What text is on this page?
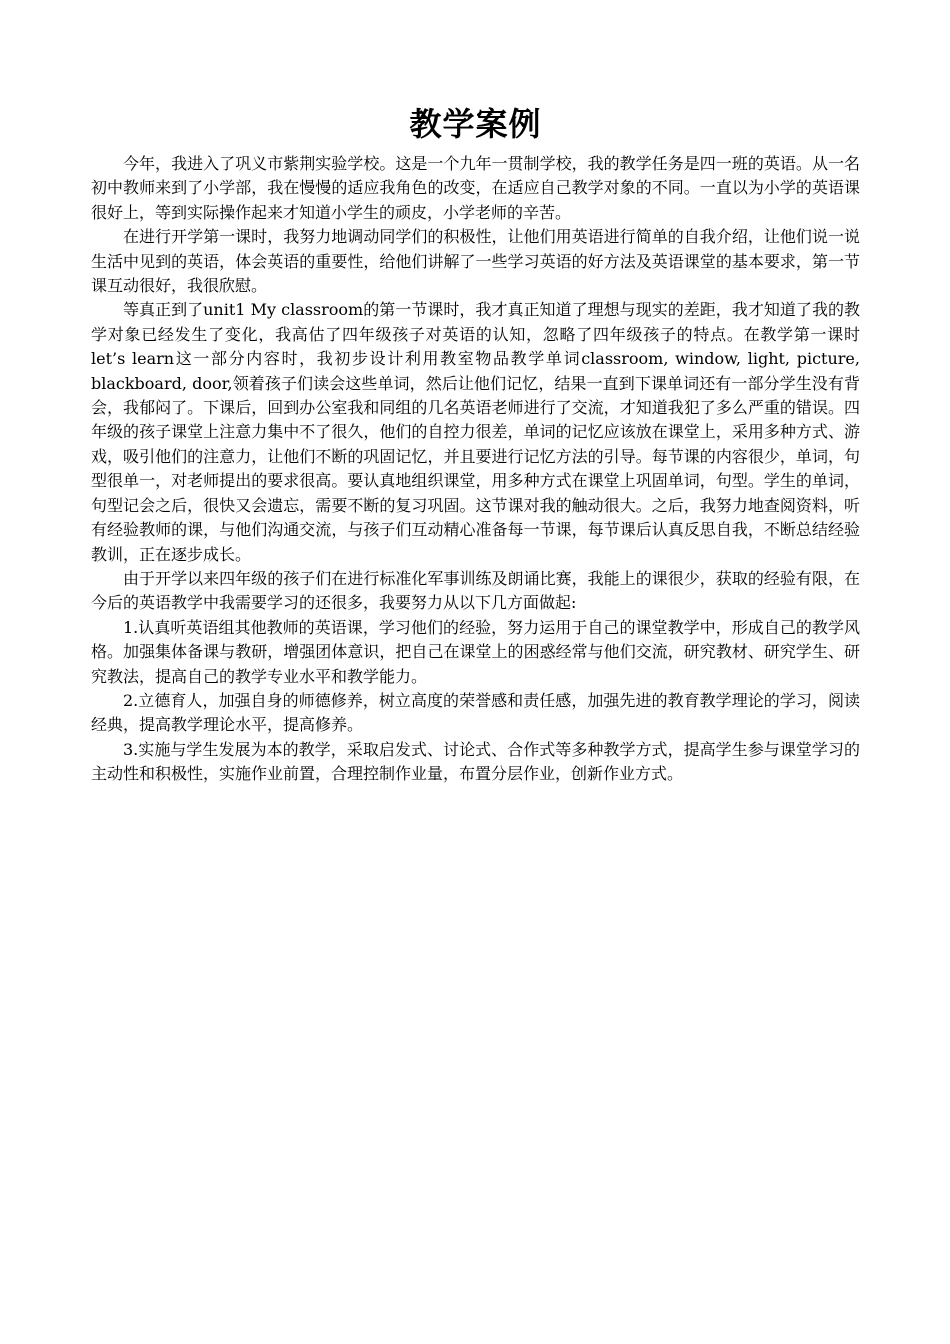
教学案例

今年，我进入了巩义市紫荆实验学校。这是一个九年一贯制学校，我的教学任务是四一班的英语。从一名初中教师来到了小学部，我在慢慢的适应我角色的改变，在适应自己教学对象的不同。一直以为小学的英语课很好上，等到实际操作起来才知道小学生的顽皮，小学老师的辛苦。

在进行开学第一课时，我努力地调动同学们的积极性，让他们用英语进行简单的自我介绍，让他们说一说生活中见到的英语，体会英语的重要性，给他们讲解了一些学习英语的好方法及英语课堂的基本要求，第一节课互动很好，我很欣慰。

等真正到了unit1 My classroom的第一节课时，我才真正知道了理想与现实的差距，我才知道了我的教学对象已经发生了变化，我高估了四年级孩子对英语的认知，忽略了四年级孩子的特点。在教学第一课时 let’s learn这一部分内容时，我初步设计利用教室物品教学单词classroom, window, light, picture, blackboard, door,领着孩子们读会这些单词，然后让他们记忆，结果一直到下课单词还有一部分学生没有背会，我郁闷了。下课后，回到办公室我和同组的几名英语老师进行了交流，才知道我犯了多么严重的错误。四年级的孩子课堂上注意力集中不了很久，他们的自控力很差，单词的记忆应该放在课堂上，采用多种方式、游戏，吸引他们的注意力，让他们不断的巩固记忆，并且要进行记忆方法的引导。每节课的内容很少，单词，句型很单一，对老师提出的要求很高。要认真地组织课堂，用多种方式在课堂上巩固单词，句型。学生的单词，句型记会之后，很快又会遗忘，需要不断的复习巩固。这节课对我的触动很大。之后，我努力地查阅资料，听有经验教师的课，与他们沟通交流，与孩子们互动精心准备每一节课，每节课后认真反思自我，不断总结经验教训，正在逐步成长。

由于开学以来四年级的孩子们在进行标准化军事训练及朗诵比赛，我能上的课很少，获取的经验有限，在今后的英语教学中我需要学习的还很多，我要努力从以下几方面做起:

1.认真听英语组其他教师的英语课，学习他们的经验，努力运用于自己的课堂教学中，形成自己的教学风格。加强集体备课与教研，增强团体意识，把自己在课堂上的困惑经常与他们交流，研究教材、研究学生、研究教法，提高自己的教学专业水平和教学能力。

2.立德育人，加强自身的师德修养，树立高度的荣誉感和责任感，加强先进的教育教学理论的学习，阅读经典，提高教学理论水平，提高修养。

3.实施与学生发展为本的教学，采取启发式、讨论式、合作式等多种教学方式，提高学生参与课堂学习的主动性和积极性，实施作业前置，合理控制作业量，布置分层作业，创新作业方式。
